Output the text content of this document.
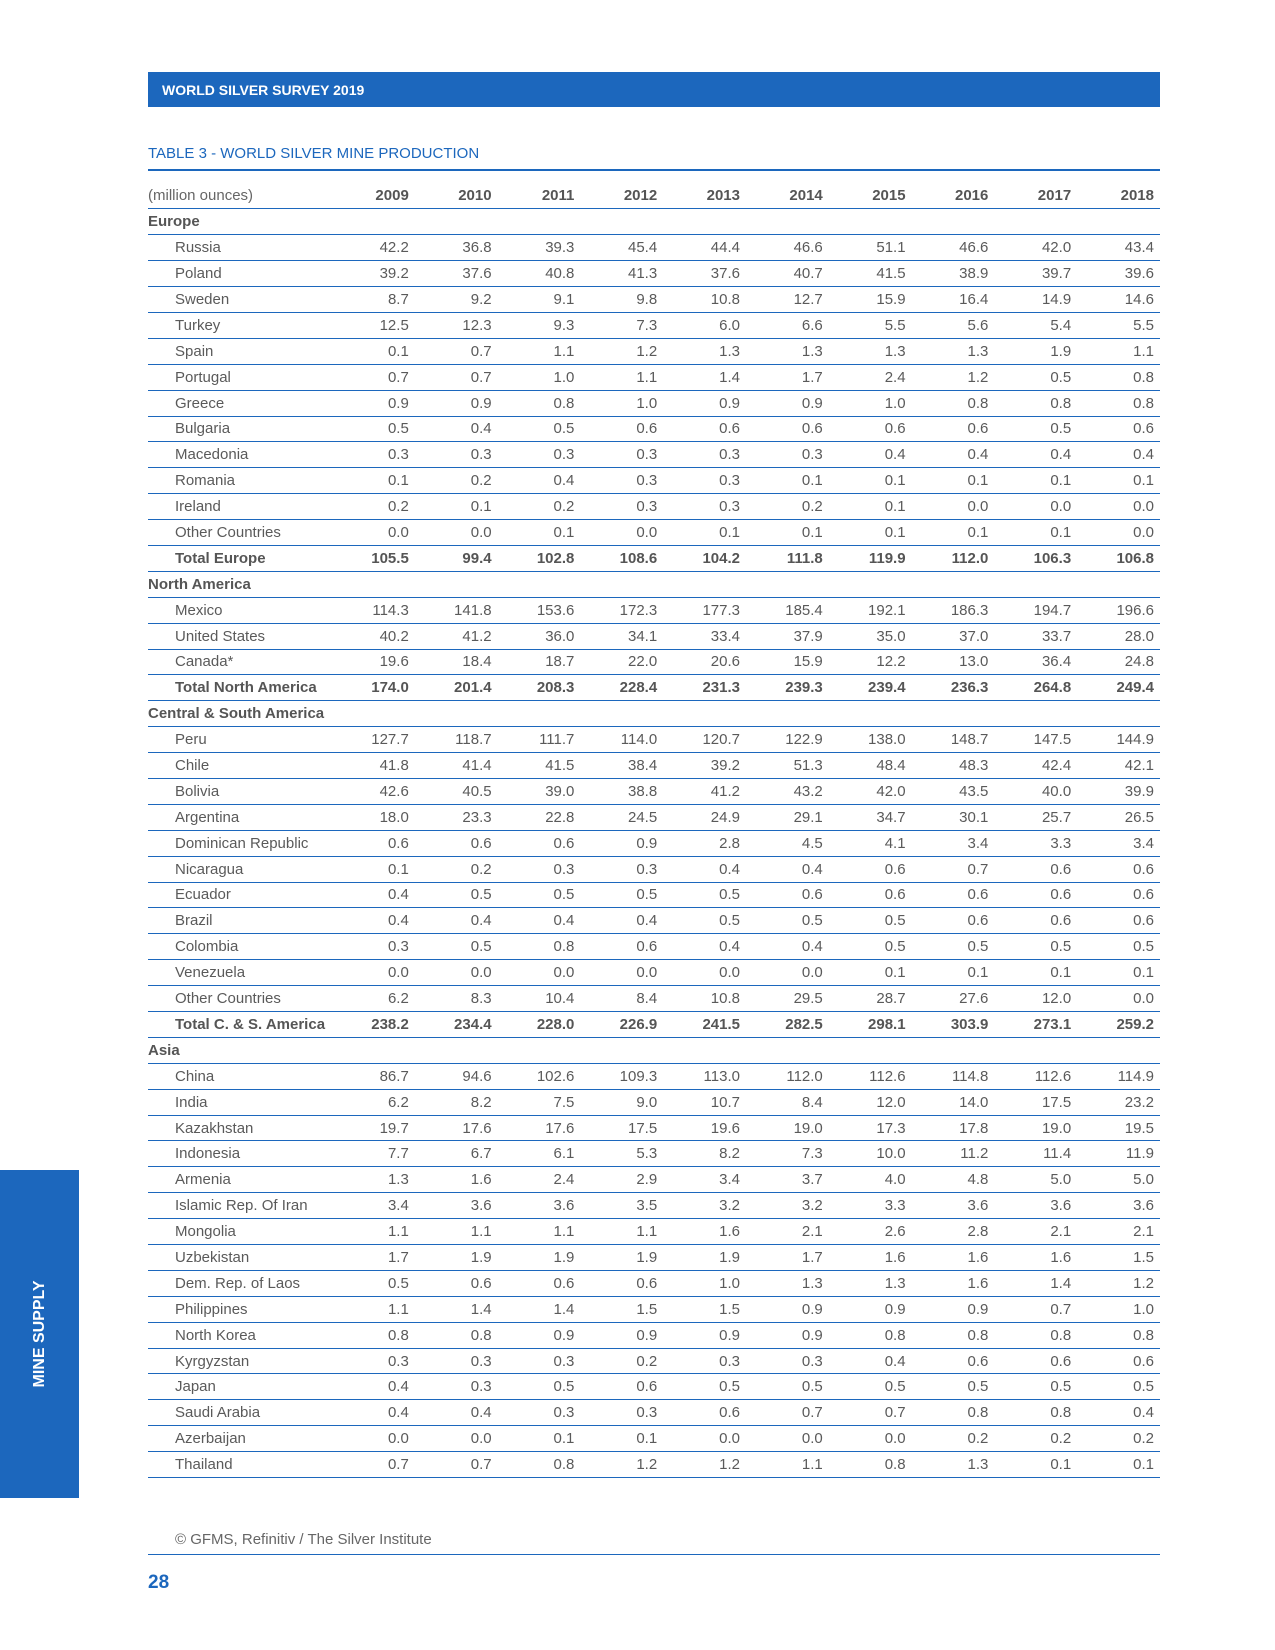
WORLD SILVER SURVEY 2019
MINE SUPPLY
TABLE 3 - WORLD SILVER MINE PRODUCTION
(million ounces)	2009	2010	2011	2012	2013	2014	2015	2016	2017	2018
Europe										
Russia	42.2	36.8	39.3	45.4	44.4	46.6	51.1	46.6	42.0	43.4
Poland	39.2	37.6	40.8	41.3	37.6	40.7	41.5	38.9	39.7	39.6
Sweden	8.7	9.2	9.1	9.8	10.8	12.7	15.9	16.4	14.9	14.6
Turkey	12.5	12.3	9.3	7.3	6.0	6.6	5.5	5.6	5.4	5.5
Spain	0.1	0.7	1.1	1.2	1.3	1.3	1.3	1.3	1.9	1.1
Portugal	0.7	0.7	1.0	1.1	1.4	1.7	2.4	1.2	0.5	0.8
Greece	0.9	0.9	0.8	1.0	0.9	0.9	1.0	0.8	0.8	0.8
Bulgaria	0.5	0.4	0.5	0.6	0.6	0.6	0.6	0.6	0.5	0.6
Macedonia	0.3	0.3	0.3	0.3	0.3	0.3	0.4	0.4	0.4	0.4
Romania	0.1	0.2	0.4	0.3	0.3	0.1	0.1	0.1	0.1	0.1
Ireland	0.2	0.1	0.2	0.3	0.3	0.2	0.1	0.0	0.0	0.0
Other Countries	0.0	0.0	0.1	0.0	0.1	0.1	0.1	0.1	0.1	0.0
Total Europe	105.5	99.4	102.8	108.6	104.2	111.8	119.9	112.0	106.3	106.8
North America										
Mexico	114.3	141.8	153.6	172.3	177.3	185.4	192.1	186.3	194.7	196.6
United States	40.2	41.2	36.0	34.1	33.4	37.9	35.0	37.0	33.7	28.0
Canada*	19.6	18.4	18.7	22.0	20.6	15.9	12.2	13.0	36.4	24.8
Total North America	174.0	201.4	208.3	228.4	231.3	239.3	239.4	236.3	264.8	249.4
Central & South America										
Peru	127.7	118.7	111.7	114.0	120.7	122.9	138.0	148.7	147.5	144.9
Chile	41.8	41.4	41.5	38.4	39.2	51.3	48.4	48.3	42.4	42.1
Bolivia	42.6	40.5	39.0	38.8	41.2	43.2	42.0	43.5	40.0	39.9
Argentina	18.0	23.3	22.8	24.5	24.9	29.1	34.7	30.1	25.7	26.5
Dominican Republic	0.6	0.6	0.6	0.9	2.8	4.5	4.1	3.4	3.3	3.4
Nicaragua	0.1	0.2	0.3	0.3	0.4	0.4	0.6	0.7	0.6	0.6
Ecuador	0.4	0.5	0.5	0.5	0.5	0.6	0.6	0.6	0.6	0.6
Brazil	0.4	0.4	0.4	0.4	0.5	0.5	0.5	0.6	0.6	0.6
Colombia	0.3	0.5	0.8	0.6	0.4	0.4	0.5	0.5	0.5	0.5
Venezuela	0.0	0.0	0.0	0.0	0.0	0.0	0.1	0.1	0.1	0.1
Other Countries	6.2	8.3	10.4	8.4	10.8	29.5	28.7	27.6	12.0	0.0
Total C. & S. America	238.2	234.4	228.0	226.9	241.5	282.5	298.1	303.9	273.1	259.2
Asia										
China	86.7	94.6	102.6	109.3	113.0	112.0	112.6	114.8	112.6	114.9
India	6.2	8.2	7.5	9.0	10.7	8.4	12.0	14.0	17.5	23.2
Kazakhstan	19.7	17.6	17.6	17.5	19.6	19.0	17.3	17.8	19.0	19.5
Indonesia	7.7	6.7	6.1	5.3	8.2	7.3	10.0	11.2	11.4	11.9
Armenia	1.3	1.6	2.4	2.9	3.4	3.7	4.0	4.8	5.0	5.0
Islamic Rep. Of Iran	3.4	3.6	3.6	3.5	3.2	3.2	3.3	3.6	3.6	3.6
Mongolia	1.1	1.1	1.1	1.1	1.6	2.1	2.6	2.8	2.1	2.1
Uzbekistan	1.7	1.9	1.9	1.9	1.9	1.7	1.6	1.6	1.6	1.5
Dem. Rep. of Laos	0.5	0.6	0.6	0.6	1.0	1.3	1.3	1.6	1.4	1.2
Philippines	1.1	1.4	1.4	1.5	1.5	0.9	0.9	0.9	0.7	1.0
North Korea	0.8	0.8	0.9	0.9	0.9	0.9	0.8	0.8	0.8	0.8
Kyrgyzstan	0.3	0.3	0.3	0.2	0.3	0.3	0.4	0.6	0.6	0.6
Japan	0.4	0.3	0.5	0.6	0.5	0.5	0.5	0.5	0.5	0.5
Saudi Arabia	0.4	0.4	0.3	0.3	0.6	0.7	0.7	0.8	0.8	0.4
Azerbaijan	0.0	0.0	0.1	0.1	0.0	0.0	0.0	0.2	0.2	0.2
Thailand	0.7	0.7	0.8	1.2	1.2	1.1	0.8	1.3	0.1	0.1
© GFMS, Refinitiv / The Silver Institute
28
